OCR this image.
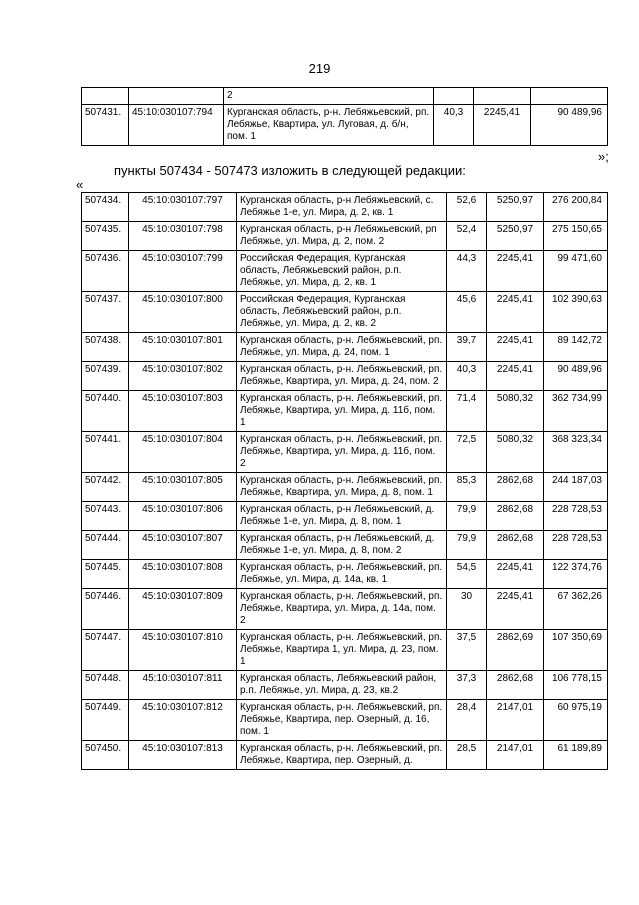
219
		2			
507431.	45:10:030107:794	Курганская область, р-н. Лебяжьевский, рп. Лебяжье, Квартира, ул. Луговая, д. б/н, пом. 1	40,3	2245,41	90 489,96
»;
пункты 507434 - 507473 изложить в следующей редакции:
«
507434.	45:10:030107:797	Курганская область, р-н Лебяжьевский, с. Лебяжье 1-е, ул. Мира, д. 2, кв. 1	52,6	5250,97	276 200,84
507435.	45:10:030107:798	Курганская область, р-н Лебяжьевский, рп Лебяжье, ул. Мира, д. 2, пом. 2	52,4	5250,97	275 150,65
507436.	45:10:030107:799	Российская Федерация, Курганская область, Лебяжьевский район, р.п. Лебяжье, ул. Мира, д. 2, кв. 1	44,3	2245,41	99 471,60
507437.	45:10:030107:800	Российская Федерация, Курганская область, Лебяжьевский район, р.п. Лебяжье, ул. Мира, д. 2, кв. 2	45,6	2245,41	102 390,63
507438.	45:10:030107:801	Курганская область, р-н. Лебяжьевский, рп. Лебяжье, ул. Мира, д. 24, пом. 1	39,7	2245,41	89 142,72
507439.	45:10:030107:802	Курганская область, р-н. Лебяжьевский, рп. Лебяжье, Квартира, ул. Мира, д. 24, пом. 2	40,3	2245,41	90 489,96
507440.	45:10:030107:803	Курганская область, р-н. Лебяжьевский, рп. Лебяжье, Квартира, ул. Мира, д. 11б, пом. 1	71,4	5080,32	362 734,99
507441.	45:10:030107:804	Курганская область, р-н. Лебяжьевский, рп. Лебяжье, Квартира, ул. Мира, д. 11б, пом. 2	72,5	5080,32	368 323,34
507442.	45:10:030107:805	Курганская область, р-н. Лебяжьевский, рп. Лебяжье, Квартира, ул. Мира, д. 8, пом. 1	85,3	2862,68	244 187,03
507443.	45:10:030107:806	Курганская область, р-н Лебяжьевский, д. Лебяжье 1-е, ул. Мира, д. 8, пом. 1	79,9	2862,68	228 728,53
507444.	45:10:030107:807	Курганская область, р-н Лебяжьевский, д. Лебяжье 1-е, ул. Мира, д. 8, пом. 2	79,9	2862,68	228 728,53
507445.	45:10:030107:808	Курганская область, р-н. Лебяжьевский, рп. Лебяжье, ул. Мира, д. 14а, кв. 1	54,5	2245,41	122 374,76
507446.	45:10:030107:809	Курганская область, р-н. Лебяжьевский, рп. Лебяжье, Квартира, ул. Мира, д. 14а, пом. 2	30	2245,41	67 362,26
507447.	45:10:030107:810	Курганская область, р-н. Лебяжьевский, рп. Лебяжье, Квартира 1, ул. Мира, д. 23, пом. 1	37,5	2862,69	107 350,69
507448.	45:10:030107:811	Курганская область, Лебяжьевский район, р.п. Лебяжье, ул. Мира, д. 23, кв.2	37,3	2862,68	106 778,15
507449.	45:10:030107:812	Курганская область, р-н. Лебяжьевский, рп. Лебяжье, Квартира, пер. Озерный, д. 16, пом. 1	28,4	2147,01	60 975,19
507450.	45:10:030107:813	Курганская область, р-н. Лебяжьевский, рп. Лебяжье, Квартира, пер. Озерный, д.	28,5	2147,01	61 189,89
